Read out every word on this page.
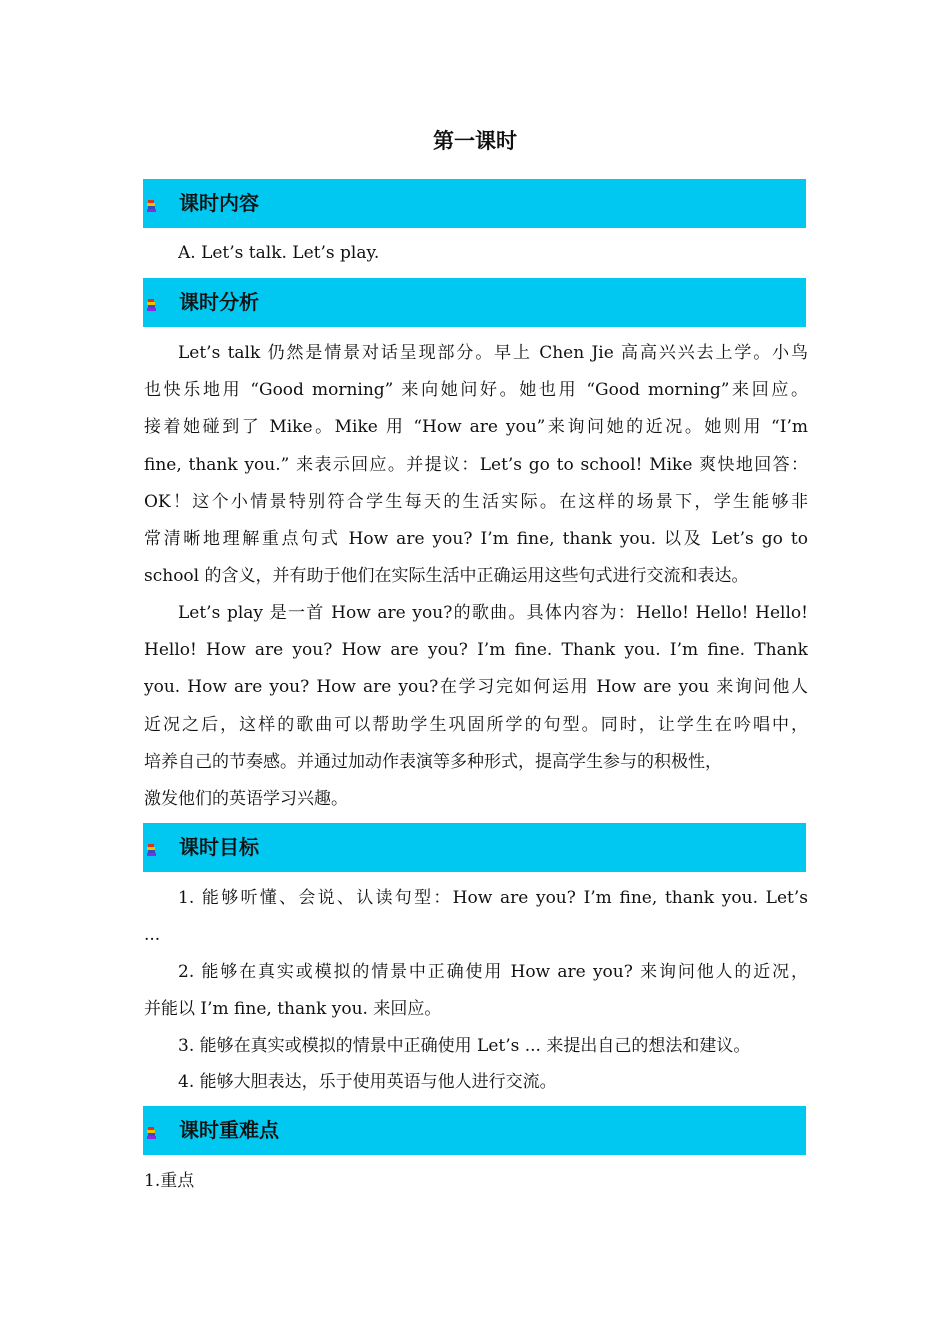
第一课时
课时内容

A. Let’s talk. Let’s play.

课时分析
Let’s talk 仍然是情景对话呈现部分。早上 Chen Jie 高高兴兴去上学。小鸟
也快乐地用 “Good morning” 来向她问好。她也用 “Good morning”来回应。
接着她碰到了 Mike。Mike 用 “How are you”来询问她的近况。她则用 “I’m
fine, thank you.” 来表示回应。并提议：Let’s go to school! Mike 爽快地回答：
OK！这个小情景特别符合学生每天的生活实际。在这样的场景下，学生能够非
常清晰地理解重点句式 How are you? I’m fine, thank you. 以及 Let’s go to
school 的含义，并有助于他们在实际生活中正确运用这些句式进行交流和表达。
Let’s play 是一首 How are you?的歌曲。具体内容为：Hello! Hello! Hello!
Hello! How are you? How are you? I’m fine. Thank you. I’m fine. Thank
you. How are you? How are you?在学习完如何运用 How are you 来询问他人
近况之后，这样的歌曲可以帮助学生巩固所学的句型。同时，让学生在吟唱中，
培养自己的节奏感。并通过加动作表演等多种形式，提高学生参与的积极性，
激发他们的英语学习兴趣。
课时目标
1. 能够听懂、会说、认读句型：How are you? I’m fine, thank you. Let’s
...
2. 能够在真实或模拟的情景中正确使用 How are you? 来询问他人的近况，
并能以 I’m fine, thank you. 来回应。
3. 能够在真实或模拟的情景中正确使用 Let’s ... 来提出自己的想法和建议。
4. 能够大胆表达，乐于使用英语与他人进行交流。
课时重难点
1.重点
